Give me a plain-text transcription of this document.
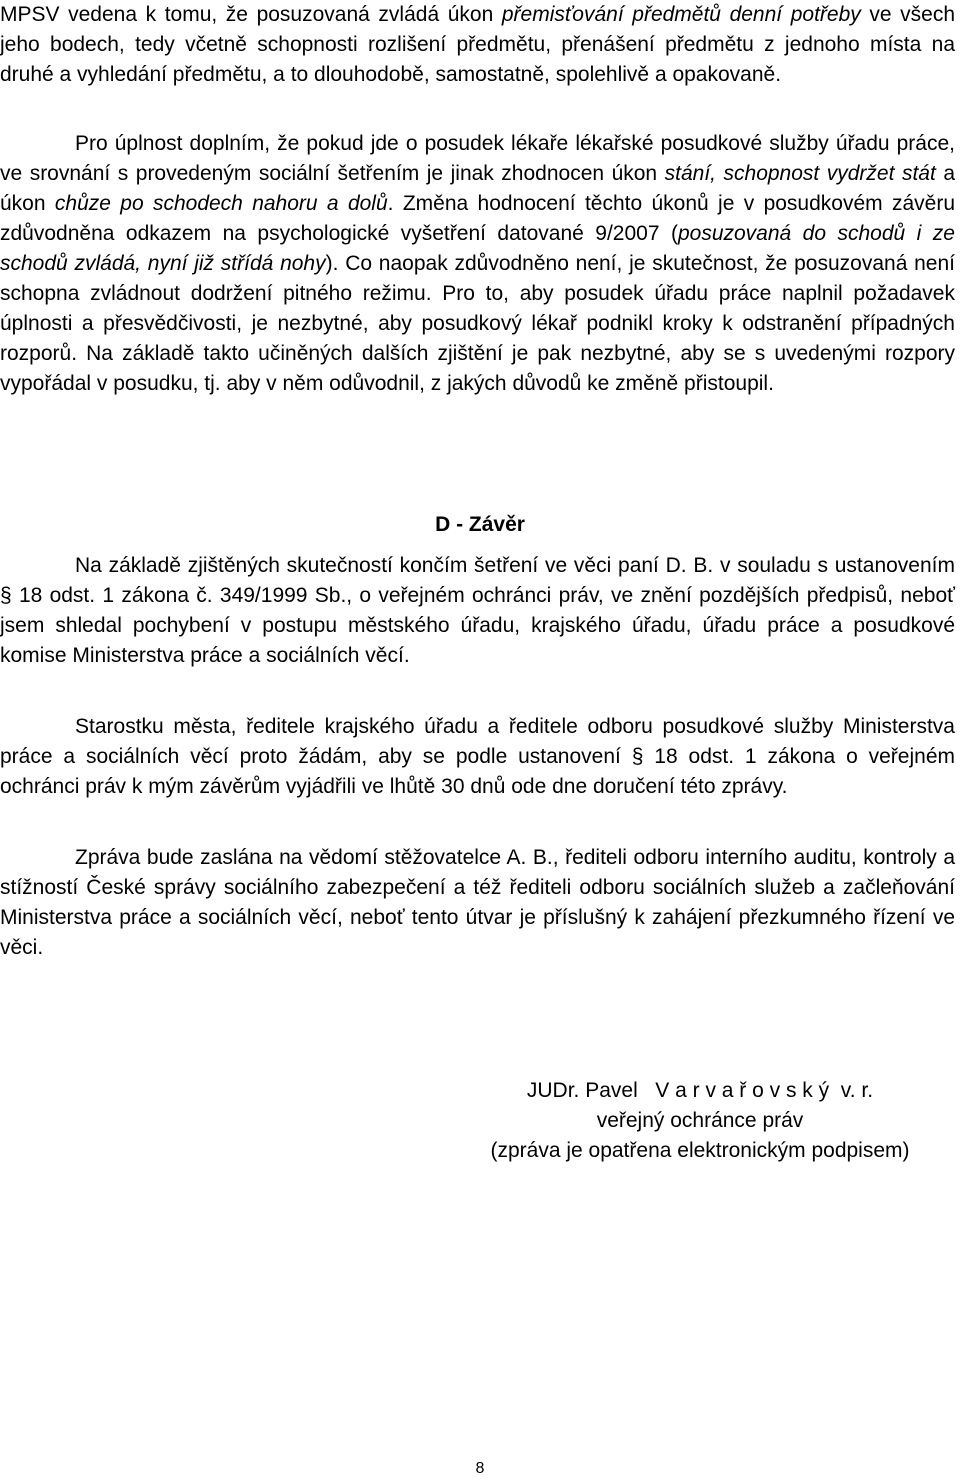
MPSV vedena k tomu, že posuzovaná zvládá úkon přemisťování předmětů denní potřeby ve všech jeho bodech, tedy včetně schopnosti rozlišení předmětu, přenášení předmětu z jednoho místa na druhé a vyhledání předmětu, a to dlouhodobě, samostatně, spolehlivě a opakovaně.

Pro úplnost doplním, že pokud jde o posudek lékaře lékařské posudkové služby úřadu práce, ve srovnání s provedeným sociální šetřením je jinak zhodnocen úkon stání, schopnost vydržet stát a úkon chůze po schodech nahoru a dolů. Změna hodnocení těchto úkonů je v posudkovém závěru zdůvodněna odkazem na psychologické vyšetření datované 9/2007 (posuzovaná do schodů i ze schodů zvládá, nyní již střídá nohy). Co naopak zdůvodněno není, je skutečnost, že posuzovaná není schopna zvládnout dodržení pitného režimu. Pro to, aby posudek úřadu práce naplnil požadavek úplnosti a přesvědčivosti, je nezbytné, aby posudkový lékař podnikl kroky k odstranění případných rozporů. Na základě takto učiněných dalších zjištění je pak nezbytné, aby se s uvedenými rozpory vypořádal v posudku, tj. aby v něm odůvodnil, z jakých důvodů ke změně přistoupil.

D - Závěr

Na základě zjištěných skutečností končím šetření ve věci paní D. B. v souladu s ustanovením § 18 odst. 1 zákona č. 349/1999 Sb., o veřejném ochránci práv, ve znění pozdějších předpisů, neboť jsem shledal pochybení v postupu městského úřadu, krajského úřadu, úřadu práce a posudkové komise Ministerstva práce a sociálních věcí.

Starostku města, ředitele krajského úřadu a ředitele odboru posudkové služby Ministerstva práce a sociálních věcí proto žádám, aby se podle ustanovení § 18 odst. 1 zákona o veřejném ochránci práv k mým závěrům vyjádřili ve lhůtě 30 dnů ode dne doručení této zprávy.

Zpráva bude zaslána na vědomí stěžovatelce A. B., řediteli odboru interního auditu, kontroly a stížností České správy sociálního zabezpečení a též řediteli odboru sociálních služeb a začleňování Ministerstva práce a sociálních věcí, neboť tento útvar je příslušný k zahájení přezkumného řízení ve věci.

JUDr. Pavel   V a r v a ř o v s k ý  v. r.
veřejný ochránce práv
(zpráva je opatřena elektronickým podpisem)
8
